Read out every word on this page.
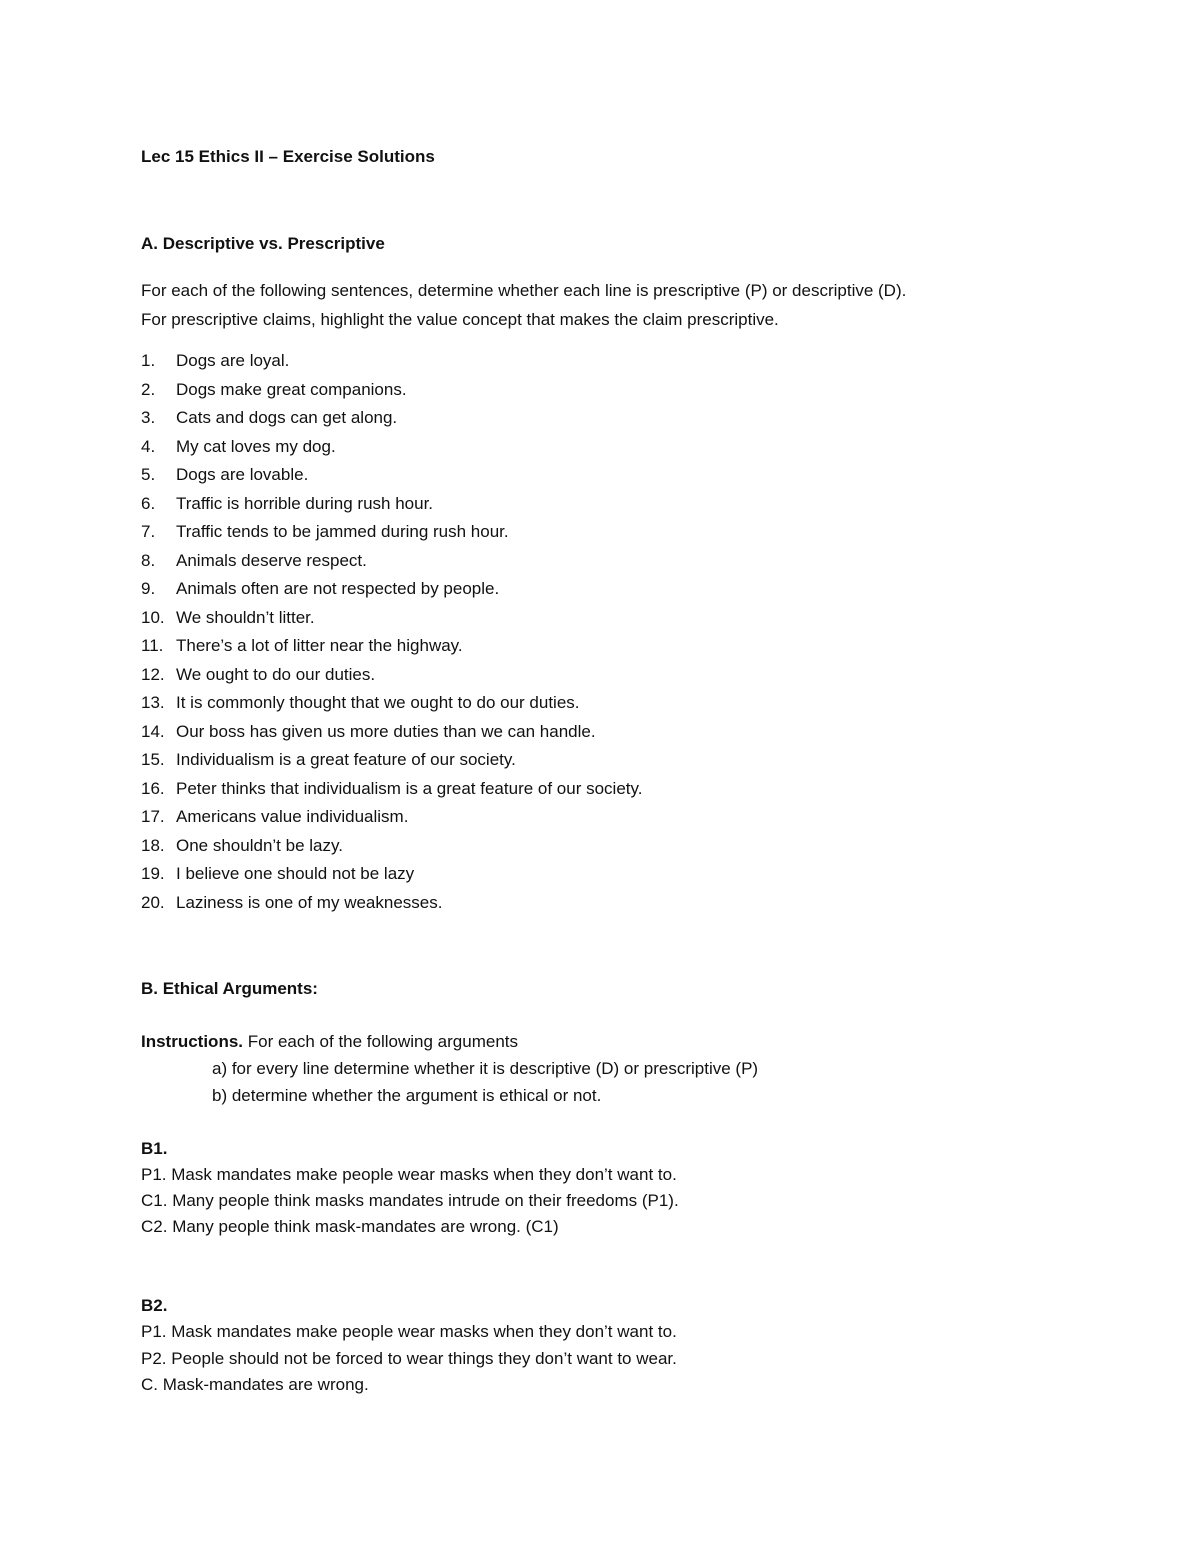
Lec 15 Ethics II – Exercise Solutions
A. Descriptive vs. Prescriptive
For each of the following sentences, determine whether each line is prescriptive (P) or descriptive (D).
For prescriptive claims, highlight the value concept that makes the claim prescriptive.
1. Dogs are loyal.
2. Dogs make great companions.
3. Cats and dogs can get along.
4. My cat loves my dog.
5. Dogs are lovable.
6. Traffic is horrible during rush hour.
7. Traffic tends to be jammed during rush hour.
8. Animals deserve respect.
9. Animals often are not respected by people.
10. We shouldn’t litter.
11. There’s a lot of litter near the highway.
12. We ought to do our duties.
13. It is commonly thought that we ought to do our duties.
14. Our boss has given us more duties than we can handle.
15. Individualism is a great feature of our society.
16. Peter thinks that individualism is a great feature of our society.
17. Americans value individualism.
18. One shouldn’t be lazy.
19. I believe one should not be lazy
20. Laziness is one of my weaknesses.
B. Ethical Arguments:
Instructions. For each of the following arguments
a) for every line determine whether it is descriptive (D) or prescriptive (P)
b) determine whether the argument is ethical or not.
B1.
P1. Mask mandates make people wear masks when they don’t want to.
C1. Many people think masks mandates intrude on their freedoms (P1).
C2. Many people think mask-mandates are wrong. (C1)
B2.
P1. Mask mandates make people wear masks when they don’t want to.
P2. People should not be forced to wear things they don’t want to wear.
C. Mask-mandates are wrong.
